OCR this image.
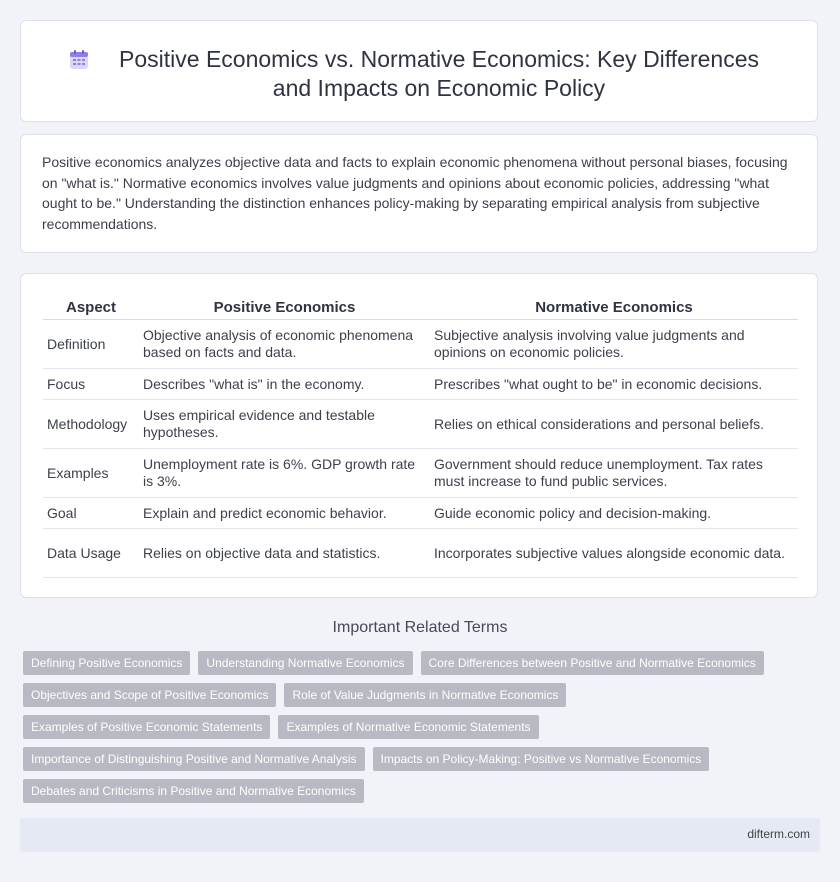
Positive Economics vs. Normative Economics: Key Differences and Impacts on Economic Policy

Positive economics analyzes objective data and facts to explain economic phenomena without personal biases, focusing on "what is." Normative economics involves value judgments and opinions about economic policies, addressing "what ought to be." Understanding the distinction enhances policy-making by separating empirical analysis from subjective recommendations.

Aspect	Positive Economics	Normative Economics
Definition	Objective analysis of economic phenomena based on facts and data.	Subjective analysis involving value judgments and opinions on economic policies.
Focus	Describes "what is" in the economy.	Prescribes "what ought to be" in economic decisions.
Methodology	Uses empirical evidence and testable hypotheses.	Relies on ethical considerations and personal beliefs.
Examples	Unemployment rate is 6%. GDP growth rate is 3%.	Government should reduce unemployment. Tax rates must increase to fund public services.
Goal	Explain and predict economic behavior.	Guide economic policy and decision-making.
Data Usage	Relies on objective data and statistics.	Incorporates subjective values alongside economic data.
Important Related Terms
Defining Positive Economics	Understanding Normative Economics	Core Differences between Positive and Normative Economics
Objectives and Scope of Positive Economics	Role of Value Judgments in Normative Economics
Examples of Positive Economic Statements	Examples of Normative Economic Statements
Importance of Distinguishing Positive and Normative Analysis	Impacts on Policy-Making: Positive vs Normative Economics
Debates and Criticisms in Positive and Normative Economics
difterm.com
